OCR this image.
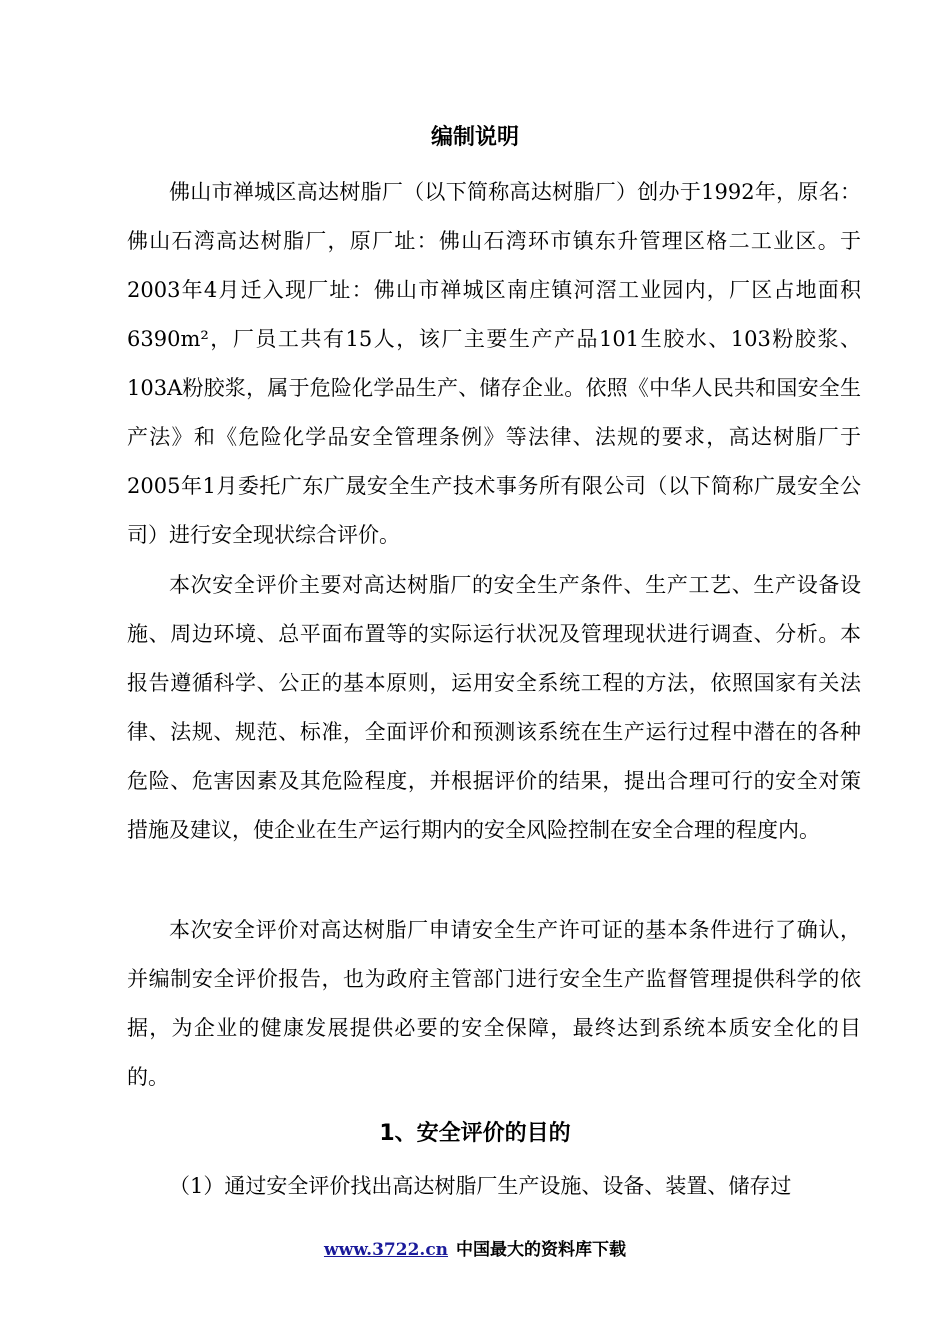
编制说明

佛山市禅城区高达树脂厂（以下简称高达树脂厂）创办于1992年，原名：佛山石湾高达树脂厂，原厂址：佛山石湾环市镇东升管理区格二工业区。于2003年4月迁入现厂址：佛山市禅城区南庄镇河滘工业园内，厂区占地面积6390m²，厂员工共有15人，该厂主要生产产品101生胶水、103粉胶浆、103A粉胶浆，属于危险化学品生产、储存企业。依照《中华人民共和国安全生产法》和《危险化学品安全管理条例》等法律、法规的要求，高达树脂厂于2005年1月委托广东广晟安全生产技术事务所有限公司（以下简称广晟安全公司）进行安全现状综合评价。

本次安全评价主要对高达树脂厂的安全生产条件、生产工艺、生产设备设施、周边环境、总平面布置等的实际运行状况及管理现状进行调查、分析。本报告遵循科学、公正的基本原则，运用安全系统工程的方法，依照国家有关法律、法规、规范、标准，全面评价和预测该系统在生产运行过程中潜在的各种危险、危害因素及其危险程度，并根据评价的结果，提出合理可行的安全对策措施及建议，使企业在生产运行期内的安全风险控制在安全合理的程度内。

本次安全评价对高达树脂厂申请安全生产许可证的基本条件进行了确认，并编制安全评价报告，也为政府主管部门进行安全生产监督管理提供科学的依据，为企业的健康发展提供必要的安全保障，最终达到系统本质安全化的目的。

1、安全评价的目的

（1）通过安全评价找出高达树脂厂生产设施、设备、装置、储存过

www.3722.cn 中国最大的资料库下载
